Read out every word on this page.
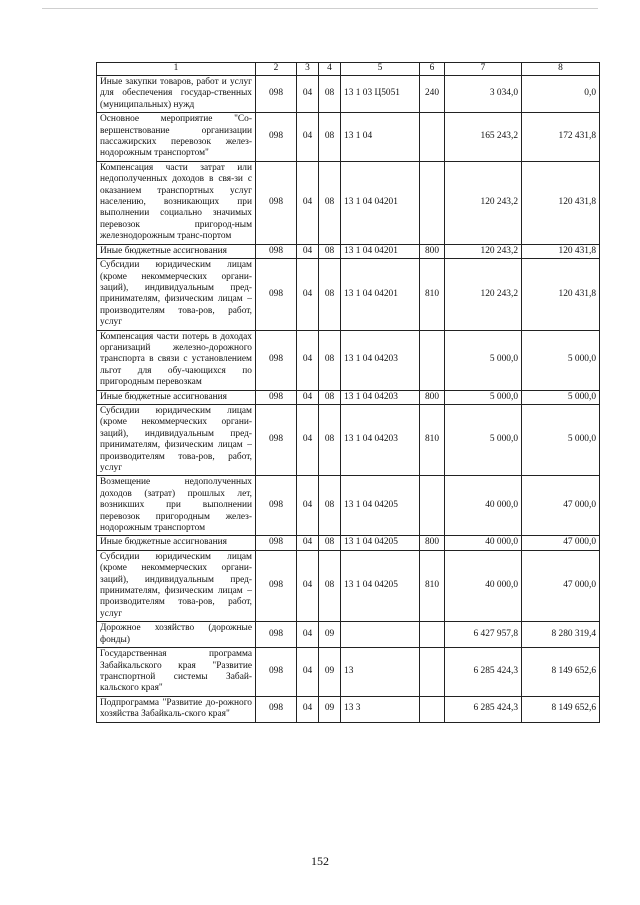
1	2	3	4	5	6	7	8
Иные закупки товаров, работ и услуг для обеспечения государ-ственных (муниципальных) нужд	098	04	08	13 1 03 Ц5051	240	3 034,0	0,0
Основное мероприятие "Со-вершенствование организации пассажирских перевозок желез-нодорожным транспортом"	098	04	08	13 1 04		165 243,2	172 431,8
Компенсация части затрат или недополученных доходов в свя-зи с оказанием транспортных услуг населению, возникающих при выполнении социально значимых перевозок пригород-ным железнодорожным транс-портом	098	04	08	13 1 04 04201		120 243,2	120 431,8
Иные бюджетные ассигнования	098	04	08	13 1 04 04201	800	120 243,2	120 431,8
Субсидии юридическим лицам (кроме некоммерческих органи-заций), индивидуальным пред-принимателям, физическим лицам – производителям това-ров, работ, услуг	098	04	08	13 1 04 04201	810	120 243,2	120 431,8
Компенсация части потерь в доходах организаций железно-дорожного транспорта в связи с установлением льгот для обу-чающихся по пригородным перевозкам	098	04	08	13 1 04 04203		5 000,0	5 000,0
Иные бюджетные ассигнования	098	04	08	13 1 04 04203	800	5 000,0	5 000,0
Субсидии юридическим лицам (кроме некоммерческих органи-заций), индивидуальным пред-принимателям, физическим лицам – производителям това-ров, работ, услуг	098	04	08	13 1 04 04203	810	5 000,0	5 000,0
Возмещение недополученных доходов (затрат) прошлых лет, возникших при выполнении перевозок пригородным желез-нодорожным транспортом	098	04	08	13 1 04 04205		40 000,0	47 000,0
Иные бюджетные ассигнования	098	04	08	13 1 04 04205	800	40 000,0	47 000,0
Субсидии юридическим лицам (кроме некоммерческих органи-заций), индивидуальным пред-принимателям, физическим лицам – производителям това-ров, работ, услуг	098	04	08	13 1 04 04205	810	40 000,0	47 000,0
Дорожное хозяйство (дорожные фонды)	098	04	09			6 427 957,8	8 280 319,4
Государственная программа Забайкальского края "Развитие транспортной системы Забай-кальского края"	098	04	09	13		6 285 424,3	8 149 652,6
Подпрограмма "Развитие до-рожного хозяйства Забайкаль-ского края"	098	04	09	13 3		6 285 424,3	8 149 652,6
152
